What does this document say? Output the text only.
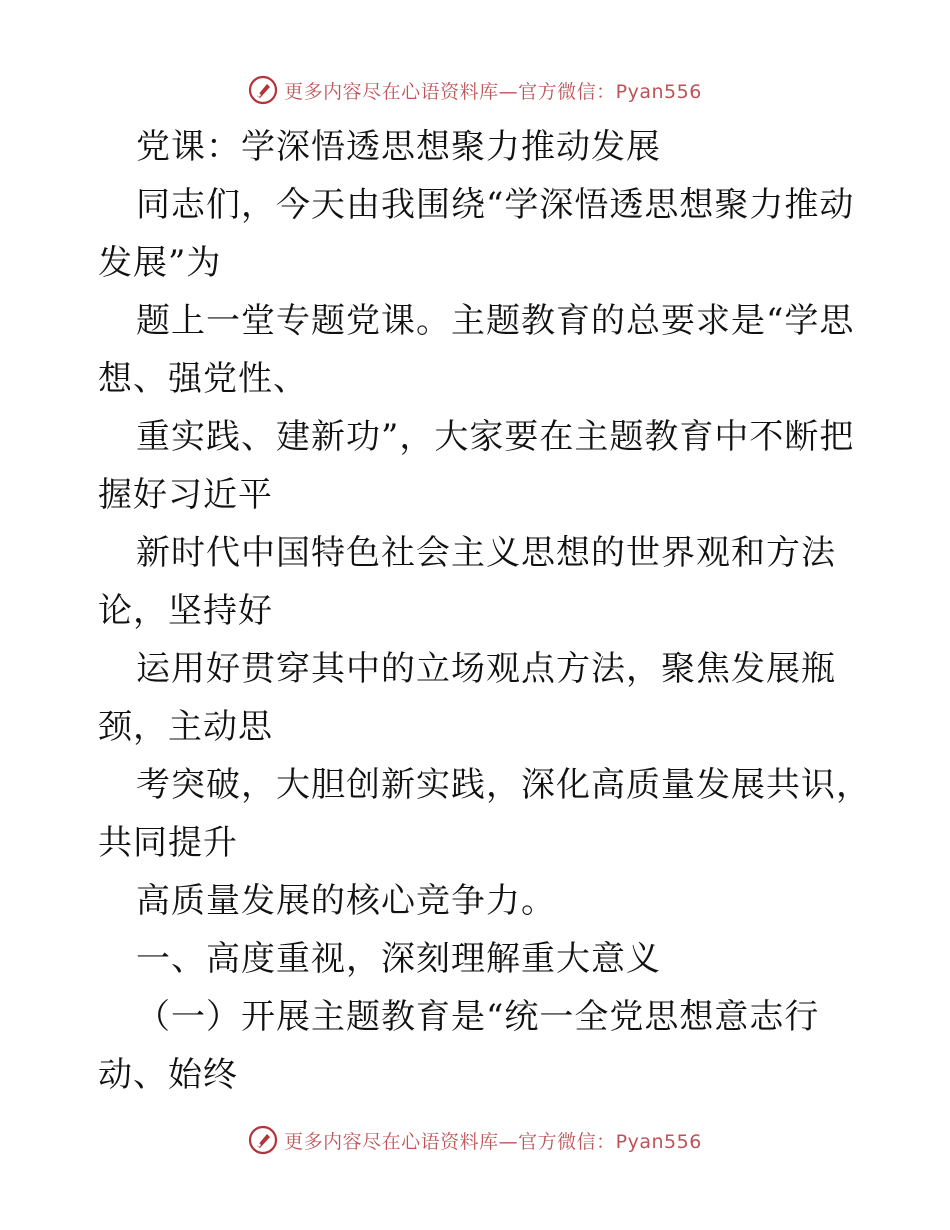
更多内容尽在心语资料库—官方微信：Pyan556
党课：学深悟透思想聚力推动发展
同志们，今天由我围绕“学深悟透思想聚力推动
发展”为
题上一堂专题党课。主题教育的总要求是“学思
想、强党性、
重实践、建新功”，大家要在主题教育中不断把
握好习近平
新时代中国特色社会主义思想的世界观和方法
论，坚持好
运用好贯穿其中的立场观点方法，聚焦发展瓶
颈，主动思
考突破，大胆创新实践，深化高质量发展共识，
共同提升
高质量发展的核心竞争力。
一、高度重视，深刻理解重大意义
（一）开展主题教育是“统一全党思想意志行
动、始终
更多内容尽在心语资料库—官方微信：Pyan556
